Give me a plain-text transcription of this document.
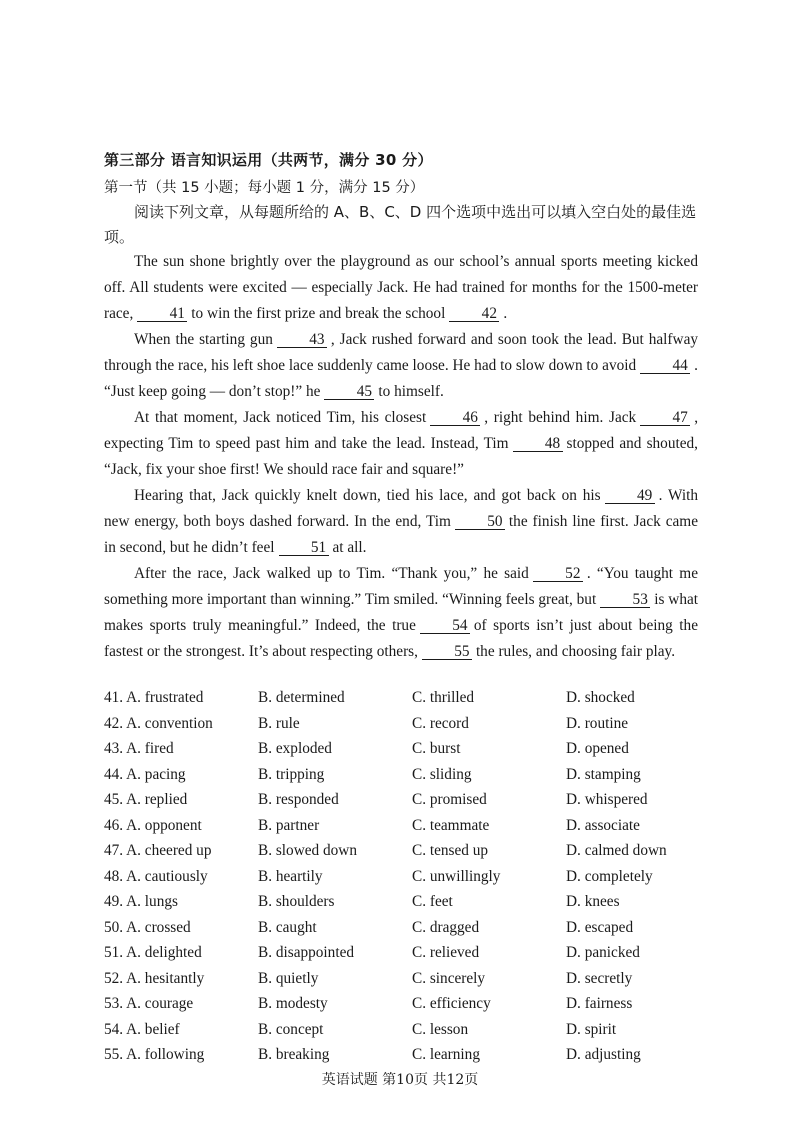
第三部分 语言知识运用（共两节，满分 30 分）
第一节（共 15 小题；每小题 1 分，满分 15 分）
阅读下列文章，从每题所给的 A、B、C、D 四个选项中选出可以填入空白处的最佳选项。

The sun shone brightly over the playground as our school’s annual sports meeting kicked off. All students were excited — especially Jack. He had trained for months for the 1500-meter race, 41 to win the first prize and break the school 42 .

When the starting gun 43 , Jack rushed forward and soon took the lead. But halfway through the race, his left shoe lace suddenly came loose. He had to slow down to avoid 44 . “Just keep going — don’t stop!” he 45 to himself.

At that moment, Jack noticed Tim, his closest 46 , right behind him. Jack 47 , expecting Tim to speed past him and take the lead. Instead, Tim 48 stopped and shouted, “Jack, fix your shoe first! We should race fair and square!”

Hearing that, Jack quickly knelt down, tied his lace, and got back on his 49 . With new energy, both boys dashed forward. In the end, Tim 50 the finish line first. Jack came in second, but he didn’t feel 51 at all.

After the race, Jack walked up to Tim. “Thank you,” he said 52 . “You taught me something more important than winning.” Tim smiled. “Winning feels great, but 53 is what makes sports truly meaningful.” Indeed, the true 54 of sports isn’t just about being the fastest or the strongest. It’s about respecting others, 55 the rules, and choosing fair play.

41. A. frustrated	B. determined	C. thrilled	D. shocked
42. A. convention	B. rule	C. record	D. routine
43. A. fired	B. exploded	C. burst	D. opened
44. A. pacing	B. tripping	C. sliding	D. stamping
45. A. replied	B. responded	C. promised	D. whispered
46. A. opponent	B. partner	C. teammate	D. associate
47. A. cheered up	B. slowed down	C. tensed up	D. calmed down
48. A. cautiously	B. heartily	C. unwillingly	D. completely
49. A. lungs	B. shoulders	C. feet	D. knees
50. A. crossed	B. caught	C. dragged	D. escaped
51. A. delighted	B. disappointed	C. relieved	D. panicked
52. A. hesitantly	B. quietly	C. sincerely	D. secretly
53. A. courage	B. modesty	C. efficiency	D. fairness
54. A. belief	B. concept	C. lesson	D. spirit
55. A. following	B. breaking	C. learning	D. adjusting
英语试题 第10页 共12页
